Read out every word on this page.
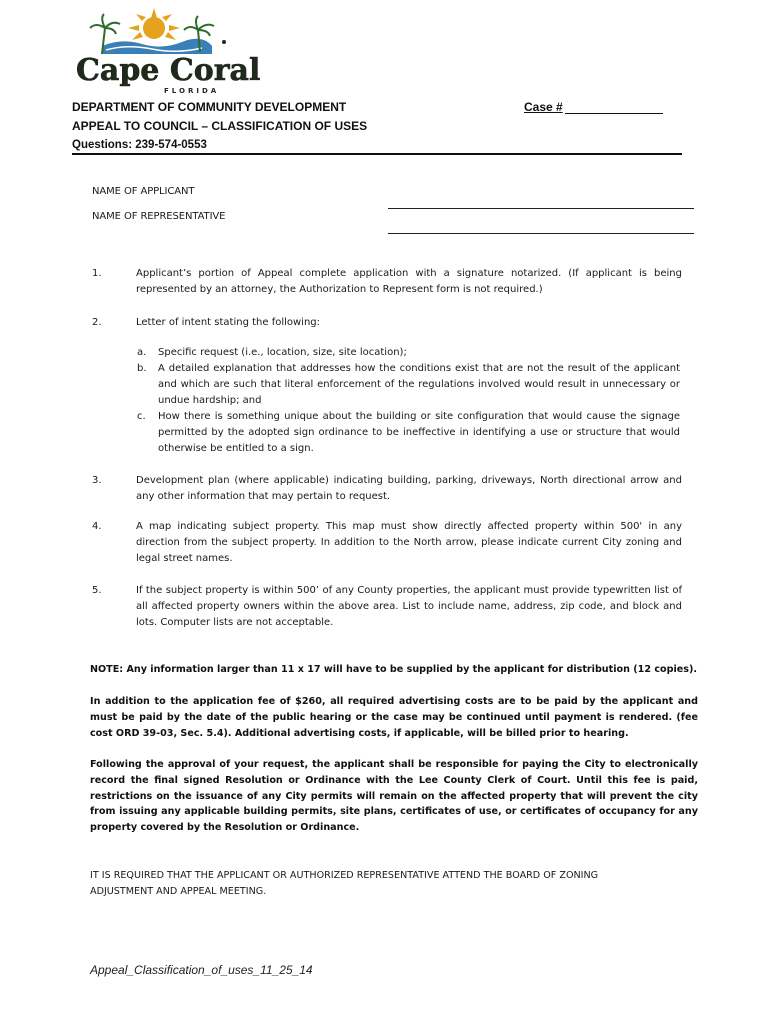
Cape Coral
FLORIDA
DEPARTMENT OF COMMUNITY DEVELOPMENT
APPEAL TO COUNCIL – CLASSIFICATION OF USES
Questions: 239-574-0553
Case #
NAME OF APPLICANT
NAME OF REPRESENTATIVE
1.	Applicant’s portion of Appeal complete application with a signature notarized. (If applicant is being represented by an attorney, the Authorization to Represent form is not required.)
2.	Letter of intent stating the following:
a. Specific request (i.e., location, size, site location);
b. A detailed explanation that addresses how the conditions exist that are not the result of the applicant and which are such that literal enforcement of the regulations involved would result in unnecessary or undue hardship; and
c. How there is something unique about the building or site configuration that would cause the signage permitted by the adopted sign ordinance to be ineffective in identifying a use or structure that would otherwise be entitled to a sign.
3.	Development plan (where applicable) indicating building, parking, driveways, North directional arrow and any other information that may pertain to request.
4.	A map indicating subject property. This map must show directly affected property within 500' in any direction from the subject property. In addition to the North arrow, please indicate current City zoning and legal street names.
5.	If the subject property is within 500’ of any County properties, the applicant must provide typewritten list of all affected property owners within the above area. List to include name, address, zip code, and block and lots. Computer lists are not acceptable.
NOTE: Any information larger than 11 x 17 will have to be supplied by the applicant for distribution (12 copies).
In addition to the application fee of $260, all required advertising costs are to be paid by the applicant and must be paid by the date of the public hearing or the case may be continued until payment is rendered. (fee cost ORD 39-03, Sec. 5.4). Additional advertising costs, if applicable, will be billed prior to hearing.
Following the approval of your request, the applicant shall be responsible for paying the City to electronically record the final signed Resolution or Ordinance with the Lee County Clerk of Court. Until this fee is paid, restrictions on the issuance of any City permits will remain on the affected property that will prevent the city from issuing any applicable building permits, site plans, certificates of use, or certificates of occupancy for any property covered by the Resolution or Ordinance.
IT IS REQUIRED THAT THE APPLICANT OR AUTHORIZED REPRESENTATIVE ATTEND THE BOARD OF ZONING ADJUSTMENT AND APPEAL MEETING.
Appeal_Classification_of_uses_11_25_14
